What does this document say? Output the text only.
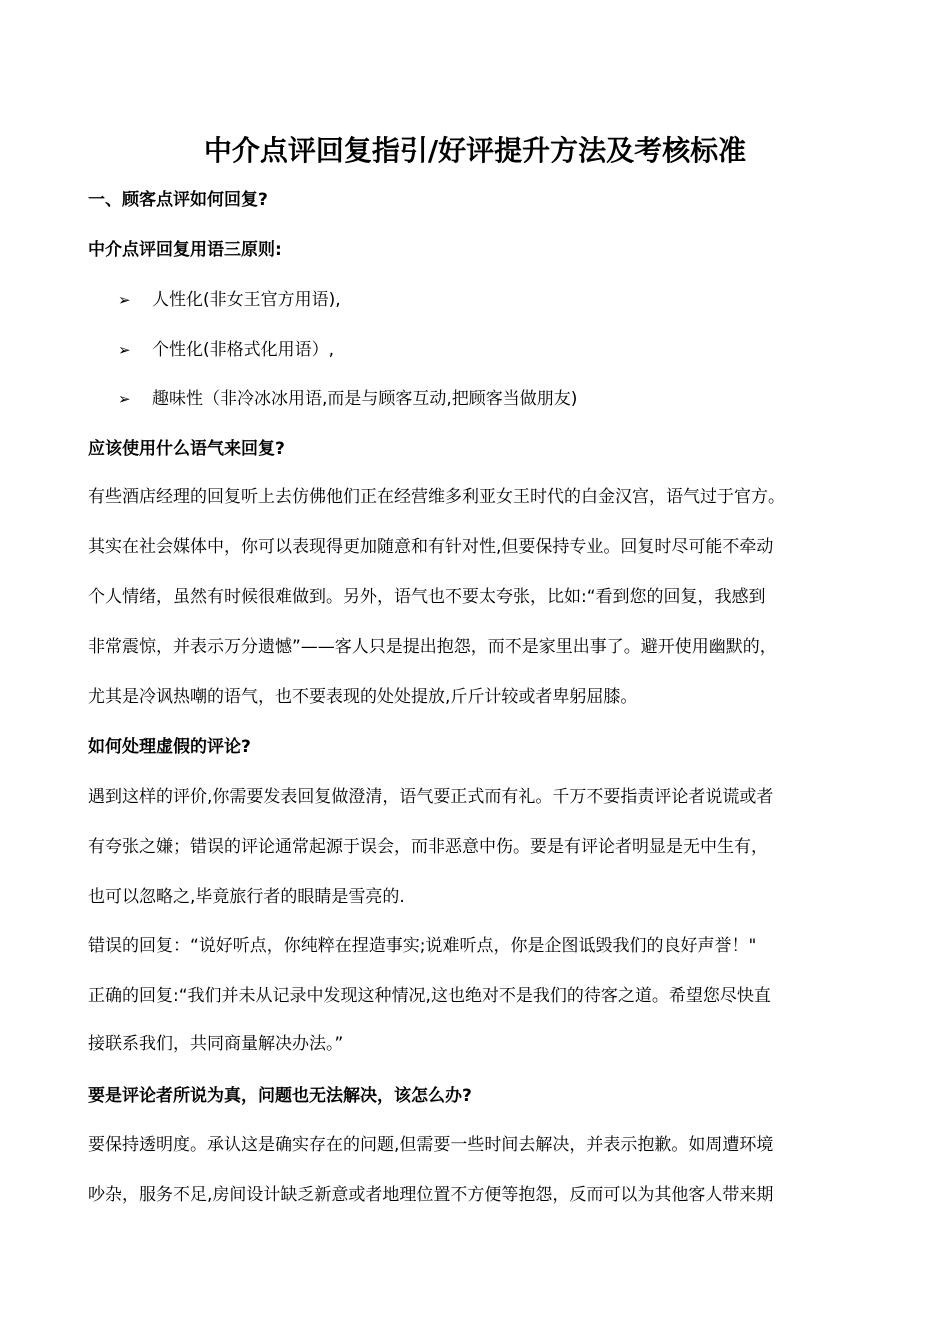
中介点评回复指引/好评提升方法及考核标准
一、顾客点评如何回复?
中介点评回复用语三原则:
➢ 人性化(非女王官方用语),
➢ 个性化(非格式化用语）,
➢ 趣味性（非冷冰冰用语,而是与顾客互动,把顾客当做朋友)
应该使用什么语气来回复?
有些酒店经理的回复听上去仿佛他们正在经营维多利亚女王时代的白金汉宫，语气过于官方。
其实在社会媒体中，你可以表现得更加随意和有针对性,但要保持专业。回复时尽可能不牵动
个人情绪，虽然有时候很难做到。另外，语气也不要太夸张，比如:“看到您的回复，我感到
非常震惊，并表示万分遗憾”——客人只是提出抱怨，而不是家里出事了。避开使用幽默的，
尤其是冷讽热嘲的语气，也不要表现的处处提放,斤斤计较或者卑躬屈膝。
如何处理虚假的评论?
遇到这样的评价,你需要发表回复做澄清，语气要正式而有礼。千万不要指责评论者说谎或者
有夸张之嫌；错误的评论通常起源于误会，而非恶意中伤。要是有评论者明显是无中生有，
也可以忽略之,毕竟旅行者的眼睛是雪亮的.
错误的回复：“说好听点，你纯粹在捏造事实;说难听点，你是企图诋毁我们的良好声誉！"
正确的回复:“我们并未从记录中发现这种情况,这也绝对不是我们的待客之道。希望您尽快直
接联系我们，共同商量解决办法。”
要是评论者所说为真，问题也无法解决，该怎么办?
要保持透明度。承认这是确实存在的问题,但需要一些时间去解决，并表示抱歉。如周遭环境
吵杂，服务不足,房间设计缺乏新意或者地理位置不方便等抱怨，反而可以为其他客人带来期
